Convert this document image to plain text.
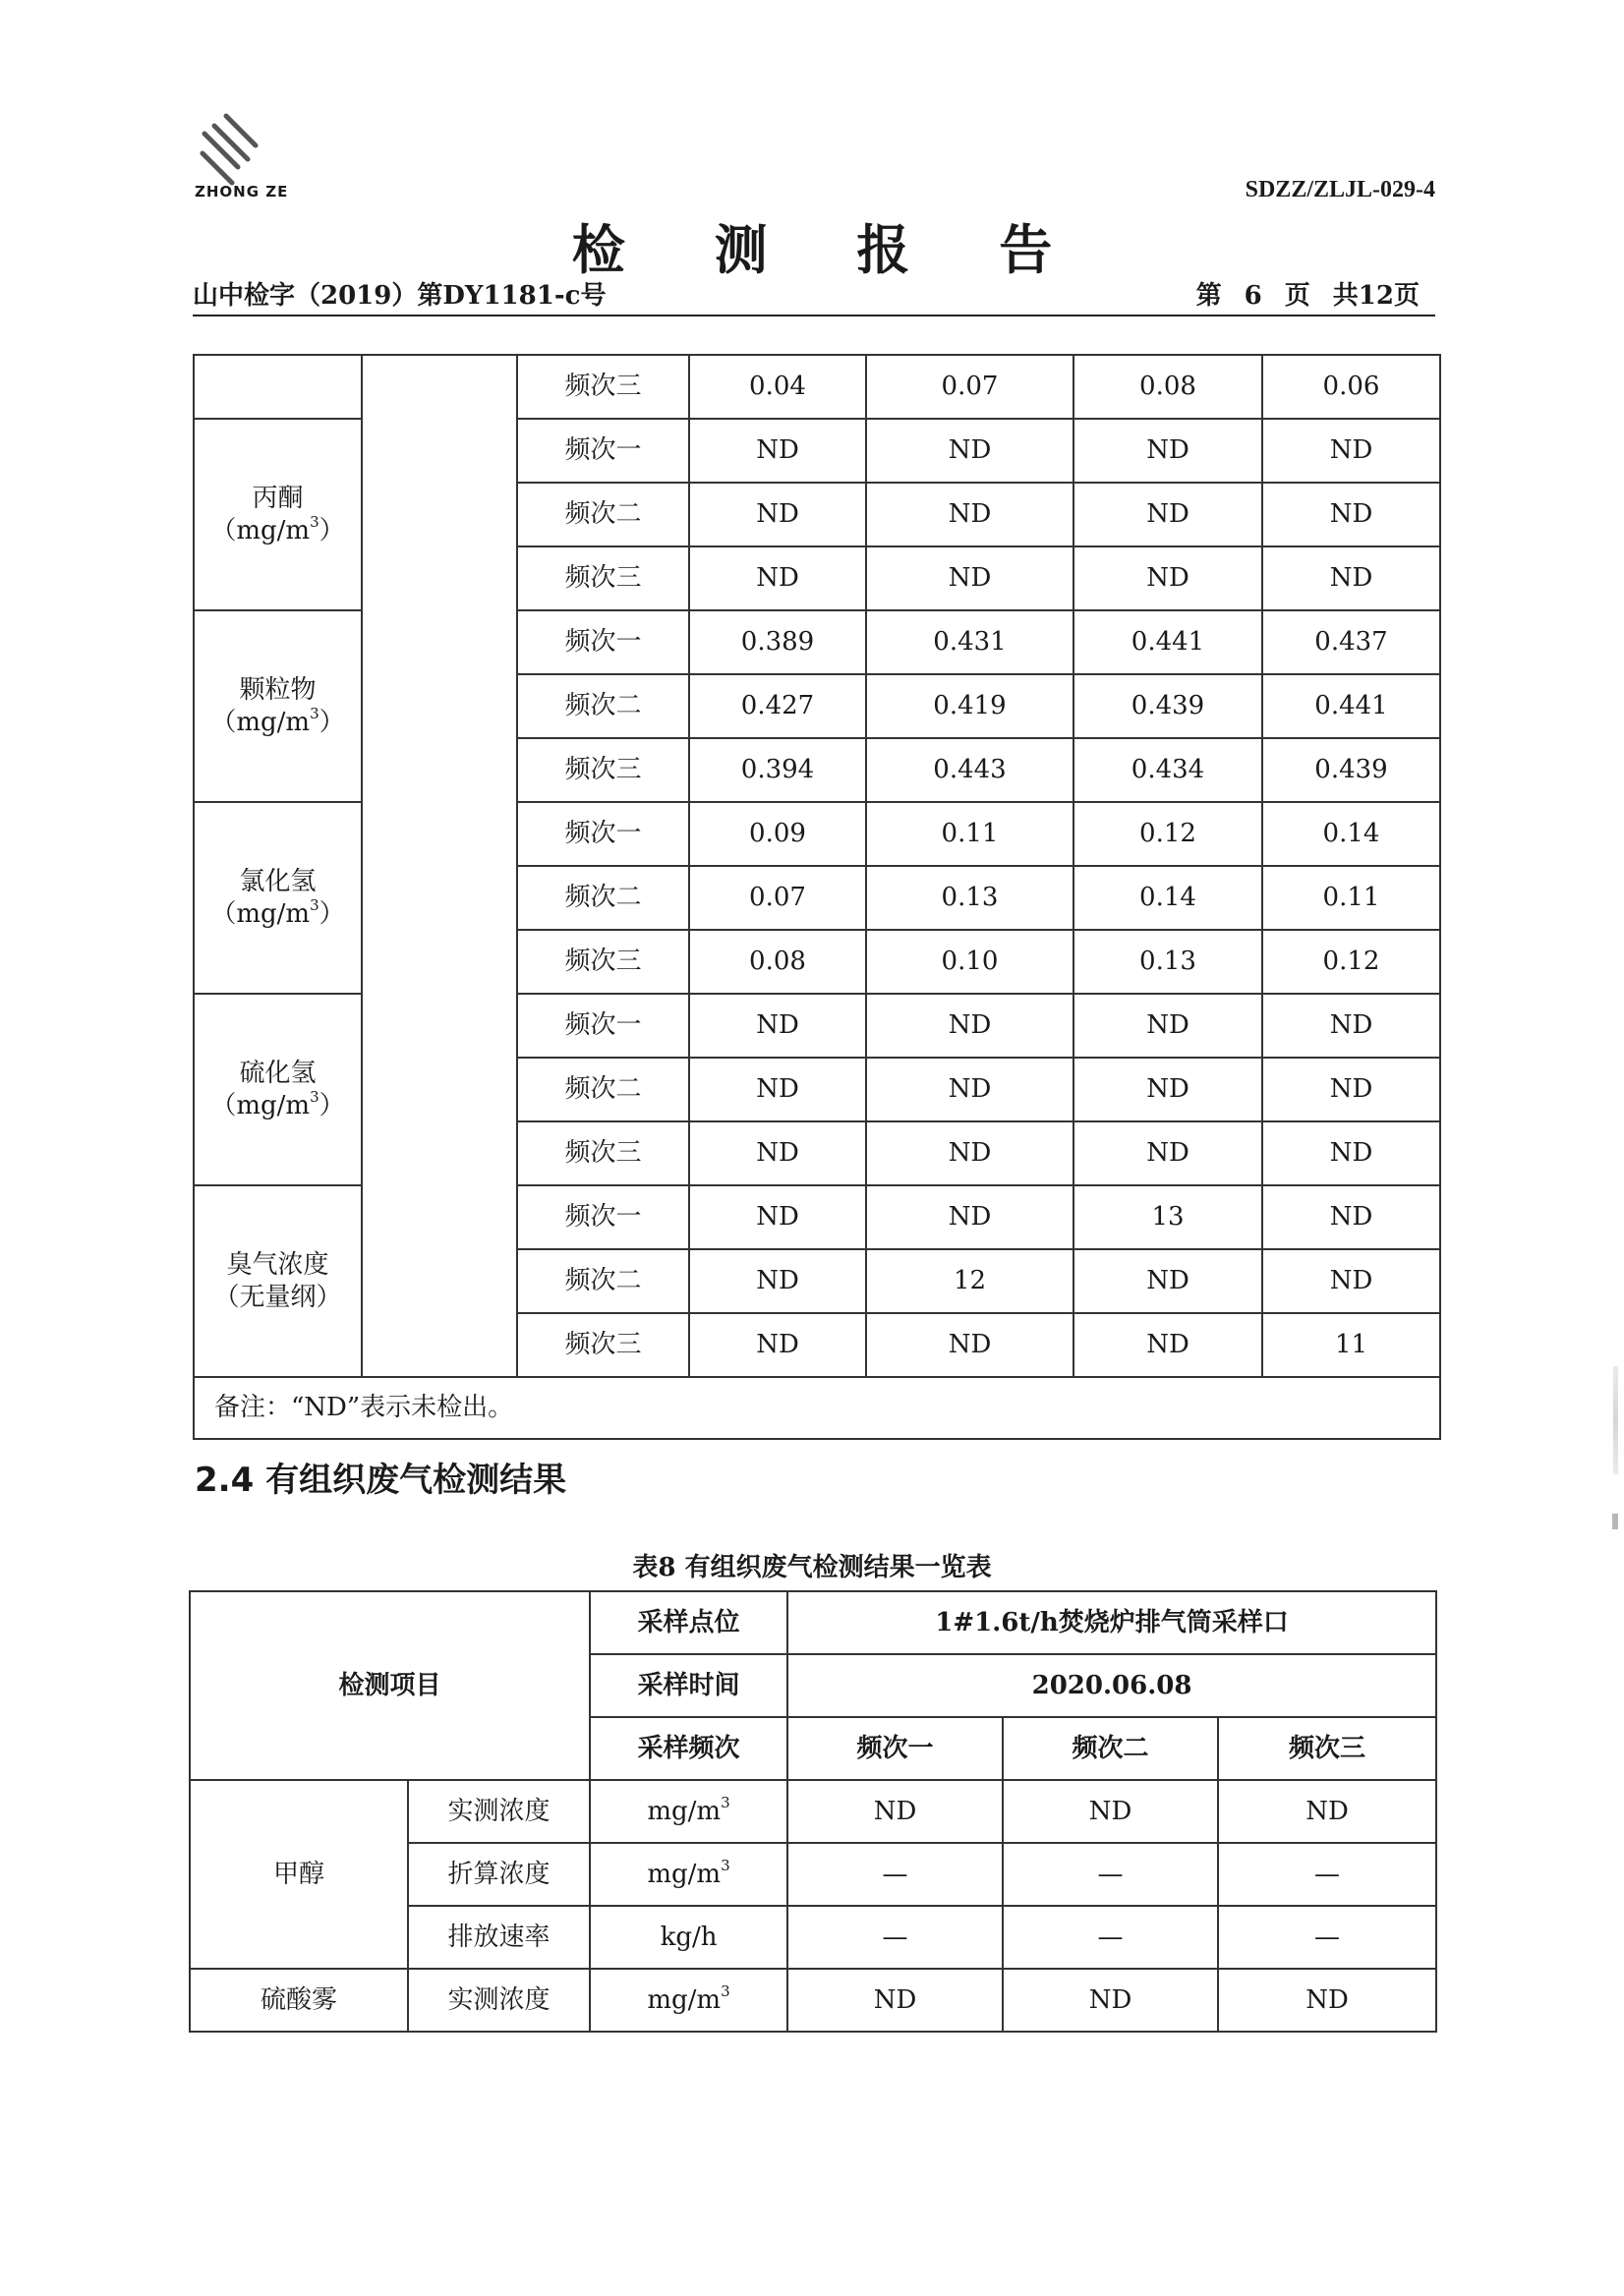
ZHONG ZE	SDZZ/ZLJL-029-4
检 测 报 告
山中检字（2019）第DY1181-c号	第 6 页 共12页
		频次三	0.04	0.07	0.08	0.06

丙酮
$(mg/m^3)$		频次一	ND	ND	ND	ND
		频次二	ND	ND	ND	ND
		频次三	ND	ND	ND	ND

颗粒物
$(mg/m^3)$		频次一	0.389	0.431	0.441	0.437
		频次二	0.427	0.419	0.439	0.441
		频次三	0.394	0.443	0.434	0.439

氯化氢
$(mg/m^3)$		频次一	0.09	0.11	0.12	0.14
		频次二	0.07	0.13	0.14	0.11
		频次三	0.08	0.10	0.13	0.12

硫化氢
$(mg/m^3)$		频次一	ND	ND	ND	ND
		频次二	ND	ND	ND	ND
		频次三	ND	ND	ND	ND

臭气浓度
（无量纲）		频次一	ND	ND	13	ND
		频次二	ND	12	ND	ND
		频次三	ND	ND	ND	11
备注：“ND”表示未检出。						
2.4 有组织废气检测结果
表8 有组织废气检测结果一览表
检测项目		采样点位	1#1.6t/h焚烧炉排气筒采样口		
		采样时间	2020.06.08		
		采样频次	频次一	频次二	频次三
甲醇	实测浓度	$mg/m^3$	ND	ND	ND
	折算浓度	$mg/m^3$	—	—	—
	排放速率	kg/h	—	—	—
硫酸雾	实测浓度	$mg/m^3$	ND	ND	ND
